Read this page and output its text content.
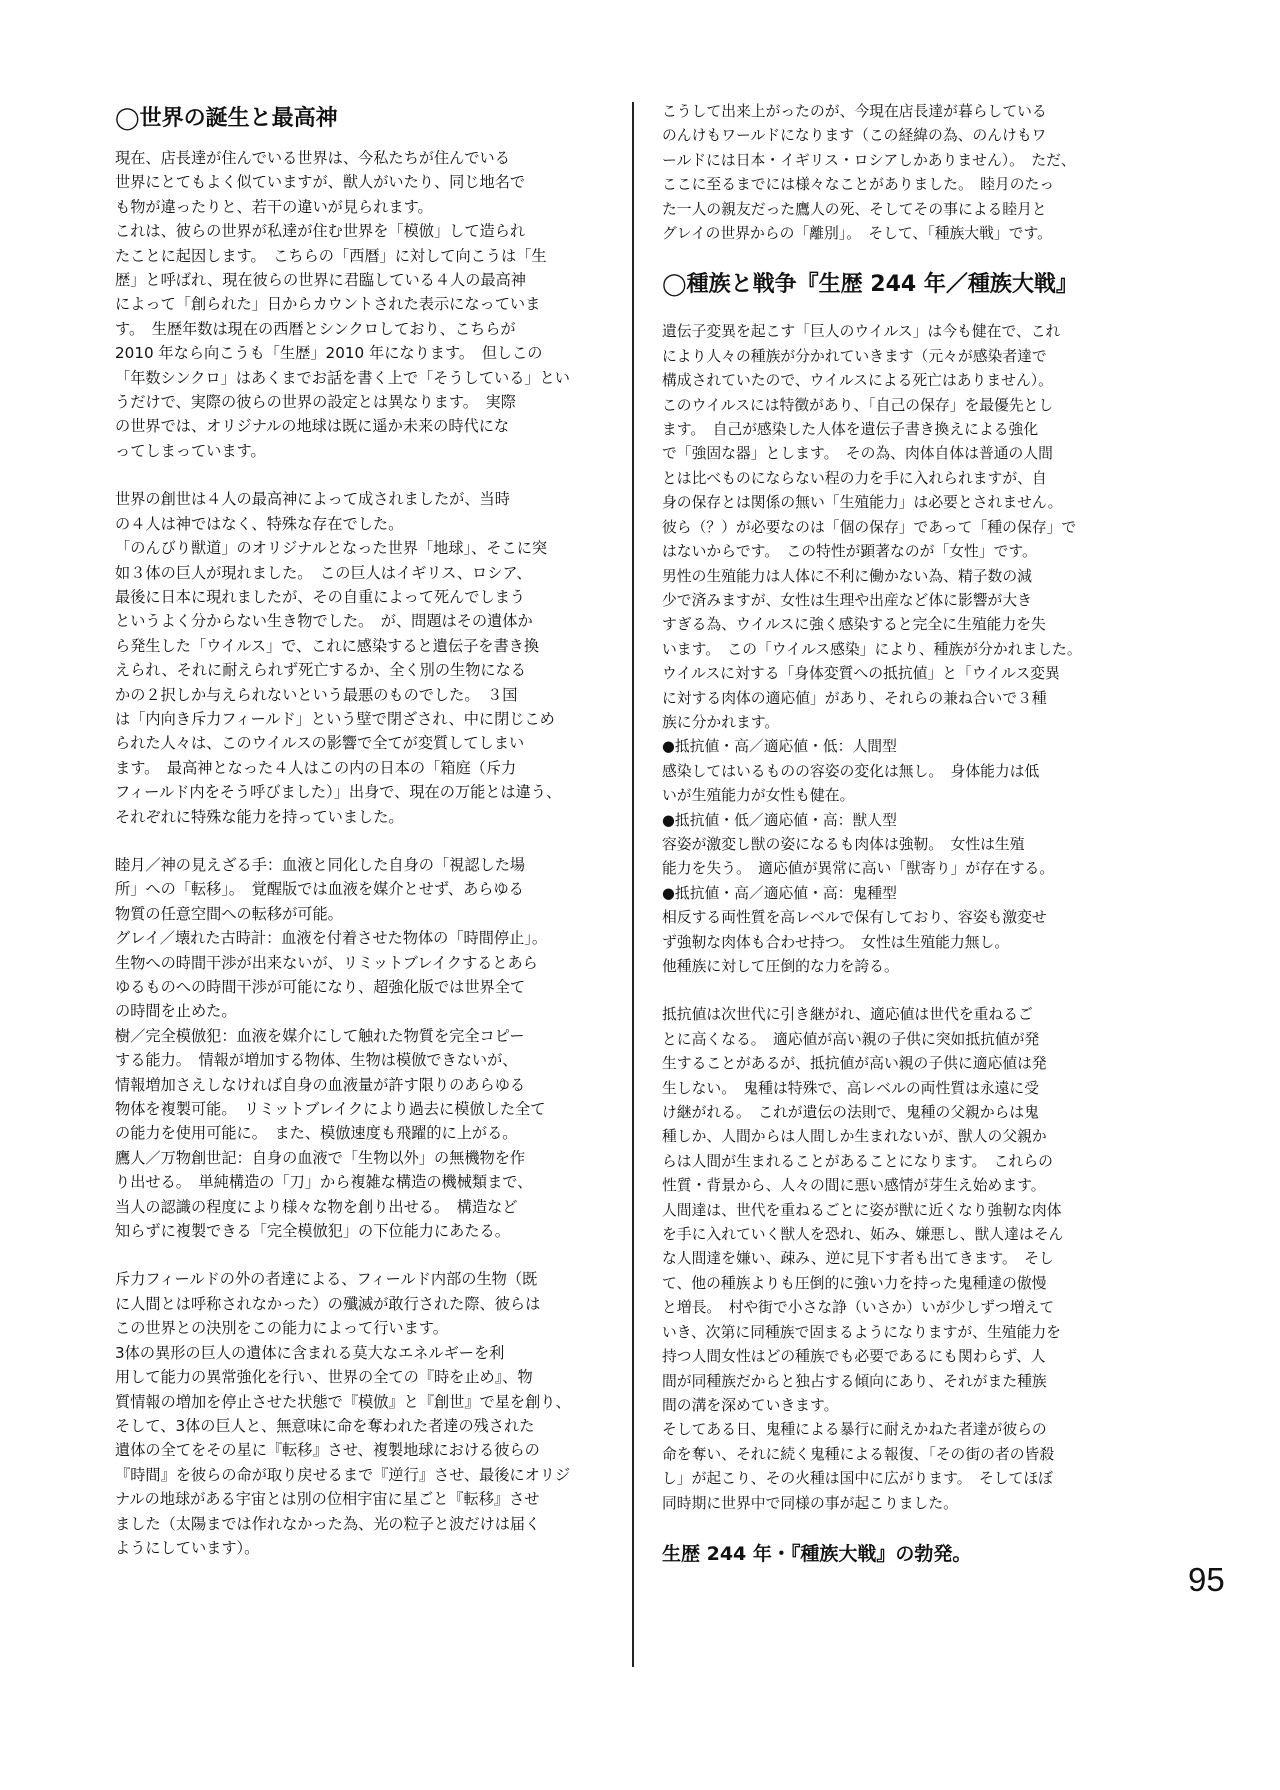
◯世界の誕生と最高神
現在、店長達が住んでいる世界は、今私たちが住んでいる
世界にとてもよく似ていますが、獣人がいたり、同じ地名で
も物が違ったりと、若干の違いが見られます。
これは、彼らの世界が私達が住む世界を「模倣」して造られ
たことに起因します。　こちらの「西暦」に対して向こうは「生
歴」と呼ばれ、現在彼らの世界に君臨している４人の最高神
によって「創られた」日からカウントされた表示になっていま
す。　生歴年数は現在の西暦とシンクロしており、こちらが
2010 年なら向こうも「生歴」2010 年になります。　但しこの
「年数シンクロ」はあくまでお話を書く上で「そうしている」とい
うだけで、実際の彼らの世界の設定とは異なります。　実際
の世界では、オリジナルの地球は既に遥か未来の時代にな
ってしまっています。
世界の創世は４人の最高神によって成されましたが、当時
の４人は神ではなく、特殊な存在でした。
「のんびり獣道」のオリジナルとなった世界「地球」、そこに突
如３体の巨人が現れました。　この巨人はイギリス、ロシア、
最後に日本に現れましたが、その自重によって死んでしまう
というよく分からない生き物でした。　が、問題はその遺体か
ら発生した「ウイルス」で、これに感染すると遺伝子を書き換
えられ、それに耐えられず死亡するか、全く別の生物になる
かの２択しか与えられないという最悪のものでした。　３国
は「内向き斥力フィールド」という壁で閉ざされ、中に閉じこめ
られた人々は、このウイルスの影響で全てが変質してしまい
ます。　最高神となった４人はこの内の日本の「箱庭（斥力
フィールド内をそう呼びました）」出身で、現在の万能とは違う、
それぞれに特殊な能力を持っていました。
睦月／神の見えざる手：血液と同化した自身の「視認した場
所」への「転移」。　覚醒版では血液を媒介とせず、あらゆる
物質の任意空間への転移が可能。
グレイ／壊れた古時計：血液を付着させた物体の「時間停止」。
生物への時間干渉が出来ないが、リミットブレイクするとあら
ゆるものへの時間干渉が可能になり、超強化版では世界全て
の時間を止めた。
樹／完全模倣犯：血液を媒介にして触れた物質を完全コピー
する能力。　情報が増加する物体、生物は模倣できないが、
情報増加さえしなければ自身の血液量が許す限りのあらゆる
物体を複製可能。　リミットブレイクにより過去に模倣した全て
の能力を使用可能に。　また、模倣速度も飛躍的に上がる。
鷹人／万物創世記：自身の血液で「生物以外」の無機物を作
り出せる。　単純構造の「刀」から複雑な構造の機械類まで、
当人の認識の程度により様々な物を創り出せる。　構造など
知らずに複製できる「完全模倣犯」の下位能力にあたる。
斥力フィールドの外の者達による、フィールド内部の生物（既
に人間とは呼称されなかった）の殲滅が敢行された際、彼らは
この世界との決別をこの能力によって行います。
3体の異形の巨人の遺体に含まれる莫大なエネルギーを利
用して能力の異常強化を行い、世界の全ての『時を止め』、物
質情報の増加を停止させた状態で『模倣』と『創世』で星を創り、
そして、3体の巨人と、無意味に命を奪われた者達の残された
遺体の全てをその星に『転移』させ、複製地球における彼らの
『時間』を彼らの命が取り戻せるまで『逆行』させ、最後にオリジ
ナルの地球がある宇宙とは別の位相宇宙に星ごと『転移』させ
ました（太陽までは作れなかった為、光の粒子と波だけは届く
ようにしています）。
こうして出来上がったのが、今現在店長達が暮らしている
のんけもワールドになります（この経緯の為、のんけもワ
ールドには日本・イギリス・ロシアしかありません）。　ただ、
ここに至るまでには様々なことがありました。　睦月のたっ
た一人の親友だった鷹人の死、そしてその事による睦月と
グレイの世界からの「離別」。　そして、「種族大戦」です。
◯種族と戦争『生歴 244 年／種族大戦』
遺伝子変異を起こす「巨人のウイルス」は今も健在で、これ
により人々の種族が分かれていきます（元々が感染者達で
構成されていたので、ウイルスによる死亡はありません）。
このウイルスには特徴があり、「自己の保存」を最優先とし
ます。　自己が感染した人体を遺伝子書き換えによる強化
で「強固な器」とします。　その為、肉体自体は普通の人間
とは比べものにならない程の力を手に入れられますが、自
身の保存とは関係の無い「生殖能力」は必要とされません。
彼ら（？）が必要なのは「個の保存」であって「種の保存」で
はないからです。　この特性が顕著なのが「女性」です。
男性の生殖能力は人体に不利に働かない為、精子数の減
少で済みますが、女性は生理や出産など体に影響が大き
すぎる為、ウイルスに強く感染すると完全に生殖能力を失
います。　この「ウイルス感染」により、種族が分かれました。
ウイルスに対する「身体変質への抵抗値」と「ウイルス変異
に対する肉体の適応値」があり、それらの兼ね合いで３種
族に分かれます。
●抵抗値・高／適応値・低：人間型
感染してはいるものの容姿の変化は無し。　身体能力は低
いが生殖能力が女性も健在。
●抵抗値・低／適応値・高：獣人型
容姿が激変し獣の姿になるも肉体は強靭。　女性は生殖
能力を失う。　適応値が異常に高い「獣寄り」が存在する。
●抵抗値・高／適応値・高：鬼種型
相反する両性質を高レベルで保有しており、容姿も激変せ
ず強靭な肉体も合わせ持つ。　女性は生殖能力無し。
他種族に対して圧倒的な力を誇る。
抵抗値は次世代に引き継がれ、適応値は世代を重ねるご
とに高くなる。　適応値が高い親の子供に突如抵抗値が発
生することがあるが、抵抗値が高い親の子供に適応値は発
生しない。　鬼種は特殊で、高レベルの両性質は永遠に受
け継がれる。　これが遺伝の法則で、鬼種の父親からは鬼
種しか、人間からは人間しか生まれないが、獣人の父親か
らは人間が生まれることがあることになります。　これらの
性質・背景から、人々の間に悪い感情が芽生え始めます。
人間達は、世代を重ねるごとに姿が獣に近くなり強靭な肉体
を手に入れていく獣人を恐れ、妬み、嫌悪し、獣人達はそん
な人間達を嫌い、疎み、逆に見下す者も出てきます。　そし
て、他の種族よりも圧倒的に強い力を持った鬼種達の傲慢
と増長。　村や街で小さな諍（いさか）いが少しずつ増えて
いき、次第に同種族で固まるようになりますが、生殖能力を
持つ人間女性はどの種族でも必要であるにも関わらず、人
間が同種族だからと独占する傾向にあり、それがまた種族
間の溝を深めていきます。
そしてある日、鬼種による暴行に耐えかねた者達が彼らの
命を奪い、それに続く鬼種による報復、「その街の者の皆殺
し」が起こり、その火種は国中に広がります。　そしてほぼ
同時期に世界中で同様の事が起こりました。
生歴 244 年・『種族大戦』の勃発。
95
